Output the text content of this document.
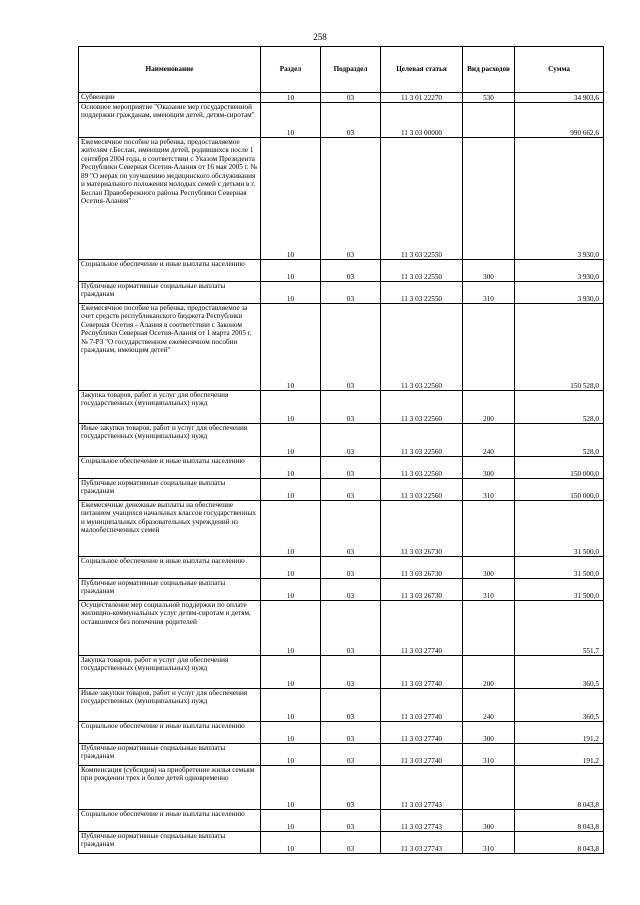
258
Наименование	Раздел	Подраздел	Целевая статья	Вид расходов	Сумма
Субвенции	10	03	11 3 01 22270	530	34 903,6
Основное мероприятие "Оказание мер государственной поддержки гражданам, имеющим детей, детям-сиротам"	10	03	11 3 03 00000		990 662,6
Ежемесячное пособие на ребенка, предоставляемое жителям г.Беслан, имеющим детей, родившихся после 1 сентября 2004 года, в соответствии с Указом Президента Республики Северная Осетия-Алания от 16 мая 2005 г. № 89 "О мерах по улучшению медицинского обслуживания и материального положения молодых семей с детьми в г. Беслан Правобережного района Республики Северная Осетия-Алания"	10	03	11 3 03 22550		3 930,0
Социальное обеспечение и иные выплаты населению	10	03	11 3 03 22550	300	3 930,0
Публичные нормативные социальные выплаты гражданам	10	03	11 3 03 22550	310	3 930,0
Ежемесячное пособие на ребенка, предоставляемое за счет средств республиканского бюджета Республики Северная Осетия - Алания в соответствии с Законом Республики Северная Осетия-Алания от 1 марта 2005 г. № 7-РЗ "О государственном ежемесячном пособии гражданам, имеющим детей"	10	03	11 3 03 22560		150 528,0
Закупка товаров, работ и услуг для обеспечения государственных (муниципальных) нужд	10	03	11 3 03 22560	200	528,0
Иные закупки товаров, работ и услуг для обеспечения государственных (муниципальных) нужд	10	03	11 3 03 22560	240	528,0
Социальное обеспечение и иные выплаты населению	10	03	11 3 03 22560	300	150 000,0
Публичные нормативные социальные выплаты гражданам	10	03	11 3 03 22560	310	150 000,0
Ежемесячные денежные выплаты на обеспечение питанием учащихся начальных классов государственных и муниципальных образовательных учреждений из малообеспеченных семей	10	03	11 3 03 26730		31 500,0
Социальное обеспечение и иные выплаты населению	10	03	11 3 03 26730	300	31 500,0
Публичные нормативные социальные выплаты гражданам	10	03	11 3 03 26730	310	31 500,0
Осуществление мер социальной поддержки по оплате жилищно-коммунальных услуг детям-сиротам и детям, оставшимся без попечения родителей	10	03	11 3 03 27740		551,7
Закупка товаров, работ и услуг для обеспечения государственных (муниципальных) нужд	10	03	11 3 03 27740	200	360,5
Иные закупки товаров, работ и услуг для обеспечения государственных (муниципальных) нужд	10	03	11 3 03 27740	240	360,5
Социальное обеспечение и иные выплаты населению	10	03	11 3 03 27740	300	191,2
Публичные нормативные социальные выплаты гражданам	10	03	11 3 03 27740	310	191,2
Компенсация (субсидия) на приобретение жилья семьям при рождении трех и более детей одновременно	10	03	11 3 03 27743		8 043,8
Социальное обеспечение и иные выплаты населению	10	03	11 3 03 27743	300	8 043,8
Публичные нормативные социальные выплаты гражданам	10	03	11 3 03 27743	310	8 043,8
